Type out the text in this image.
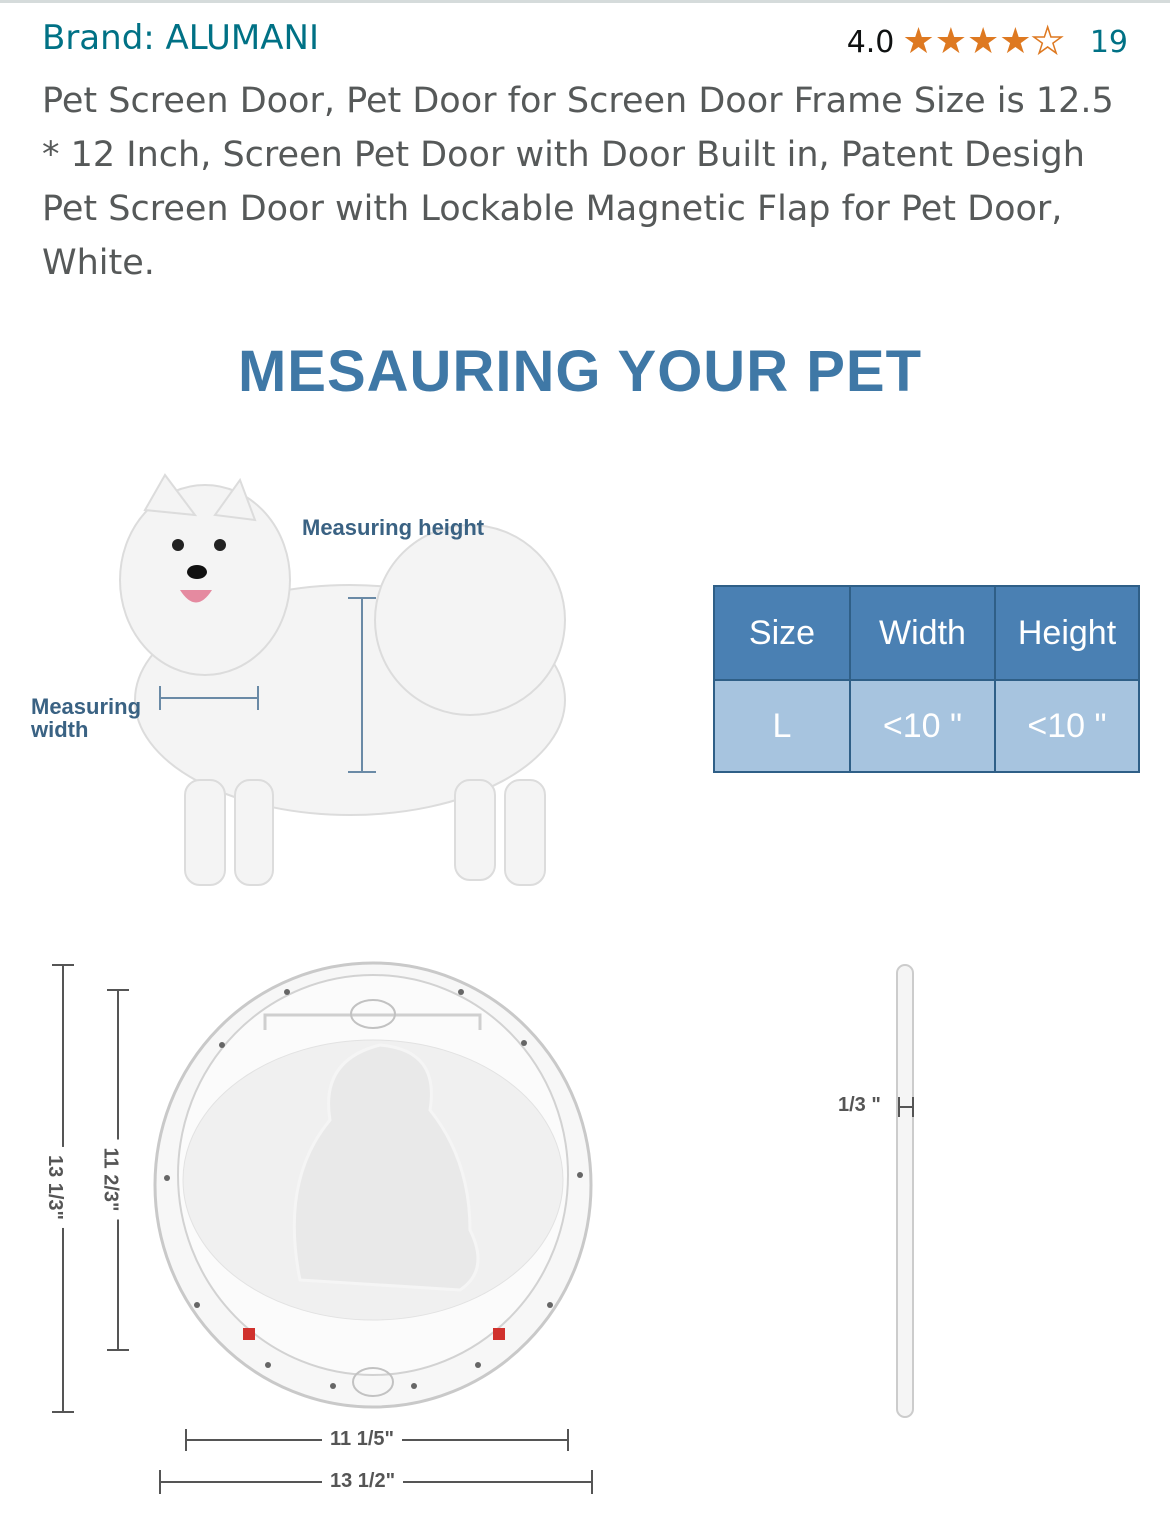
Brand: ALUMANI	4.0 ★ ★ ★ ★ ★ 19
Pet Screen Door, Pet Door for Screen Door Frame Size is 12.5 * 12 Inch, Screen Pet Door with Door Built in, Patent Desigh Pet Screen Door with Lockable Magnetic Flap for Pet Door, White.
MESAURING YOUR PET
Measuring height
Measuring width
Size	Width	Height
L	<10 "	<10 "
13 1/3" 11 2/3"
11 1/5"
13 1/2"
1/3 "
